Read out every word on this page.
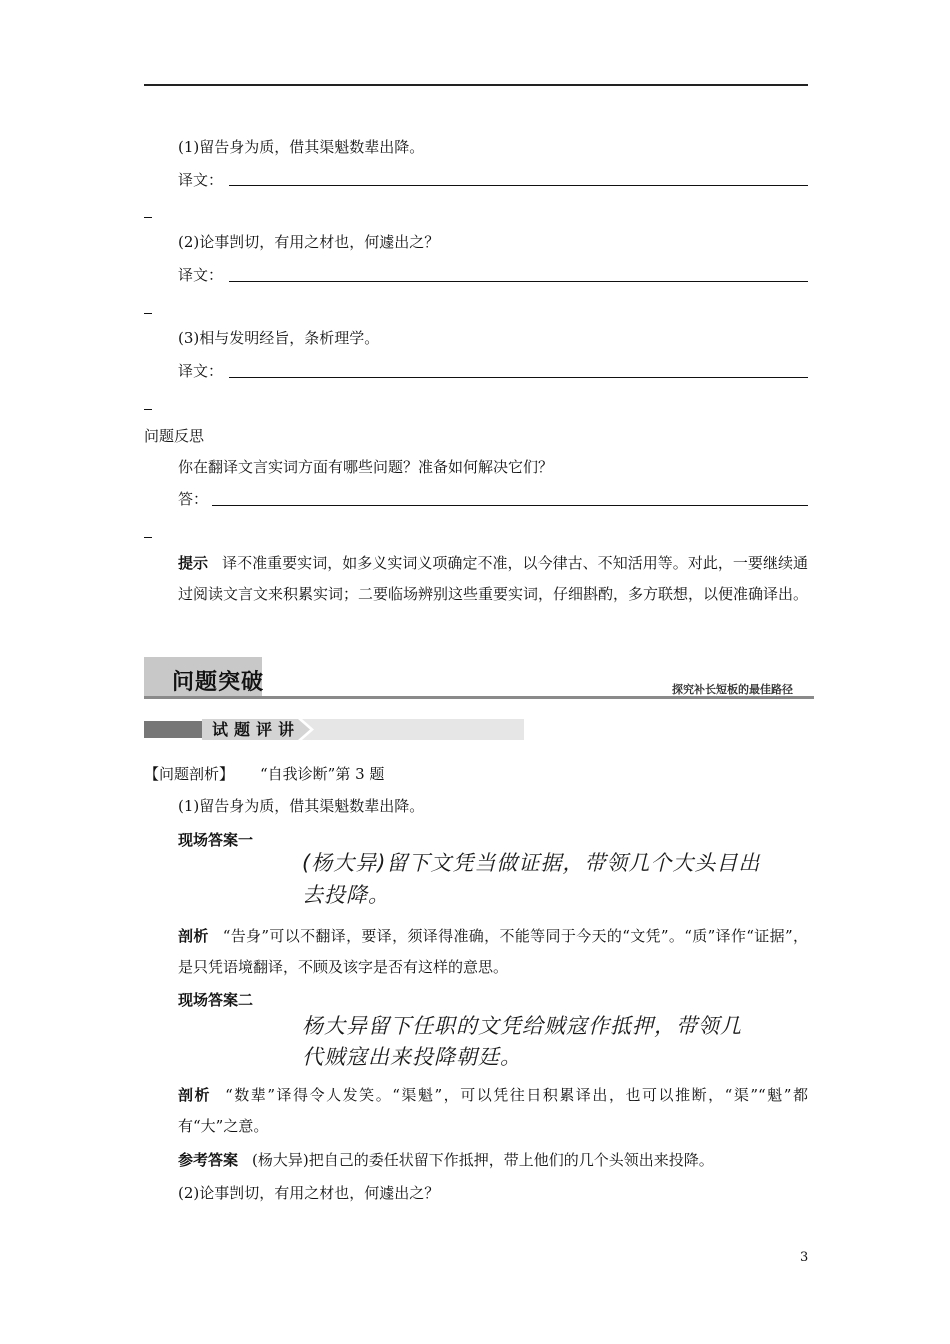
(1)留告身为质，借其渠魁数辈出降。
译文：
(2)论事剀切，有用之材也，何遽出之？
译文：
(3)相与发明经旨，条析理学。
译文：
问题反思
你在翻译文言实词方面有哪些问题？准备如何解决它们？
答：
提示 译不准重要实词，如多义实词义项确定不准，以今律古、不知活用等。对此，一要继续通过阅读文言文来积累实词；二要临场辨别这些重要实词，仔细斟酌，多方联想，以便准确译出。
问题突破	探究补长短板的最佳路径
试题评讲
【问题剖析】 “自我诊断”第 3 题
(1)留告身为质，借其渠魁数辈出降。
现场答案一
(杨大异)留下文凭当做证据，带领几个大头目出
去投降。
剖析 “告身”可以不翻译，要译，须译得准确，不能等同于今天的“文凭”。“质”译作“证据”，是只凭语境翻译，不顾及该字是否有这样的意思。
现场答案二
杨大异留下任职的文凭给贼寇作抵押，带领几
代贼寇出来投降朝廷。
剖析 “数辈”译得令人发笑。“渠魁”，可以凭往日积累译出，也可以推断，“渠”“魁”都有“大”之意。
参考答案 (杨大异)把自己的委任状留下作抵押，带上他们的几个头领出来投降。
(2)论事剀切，有用之材也，何遽出之？
3
